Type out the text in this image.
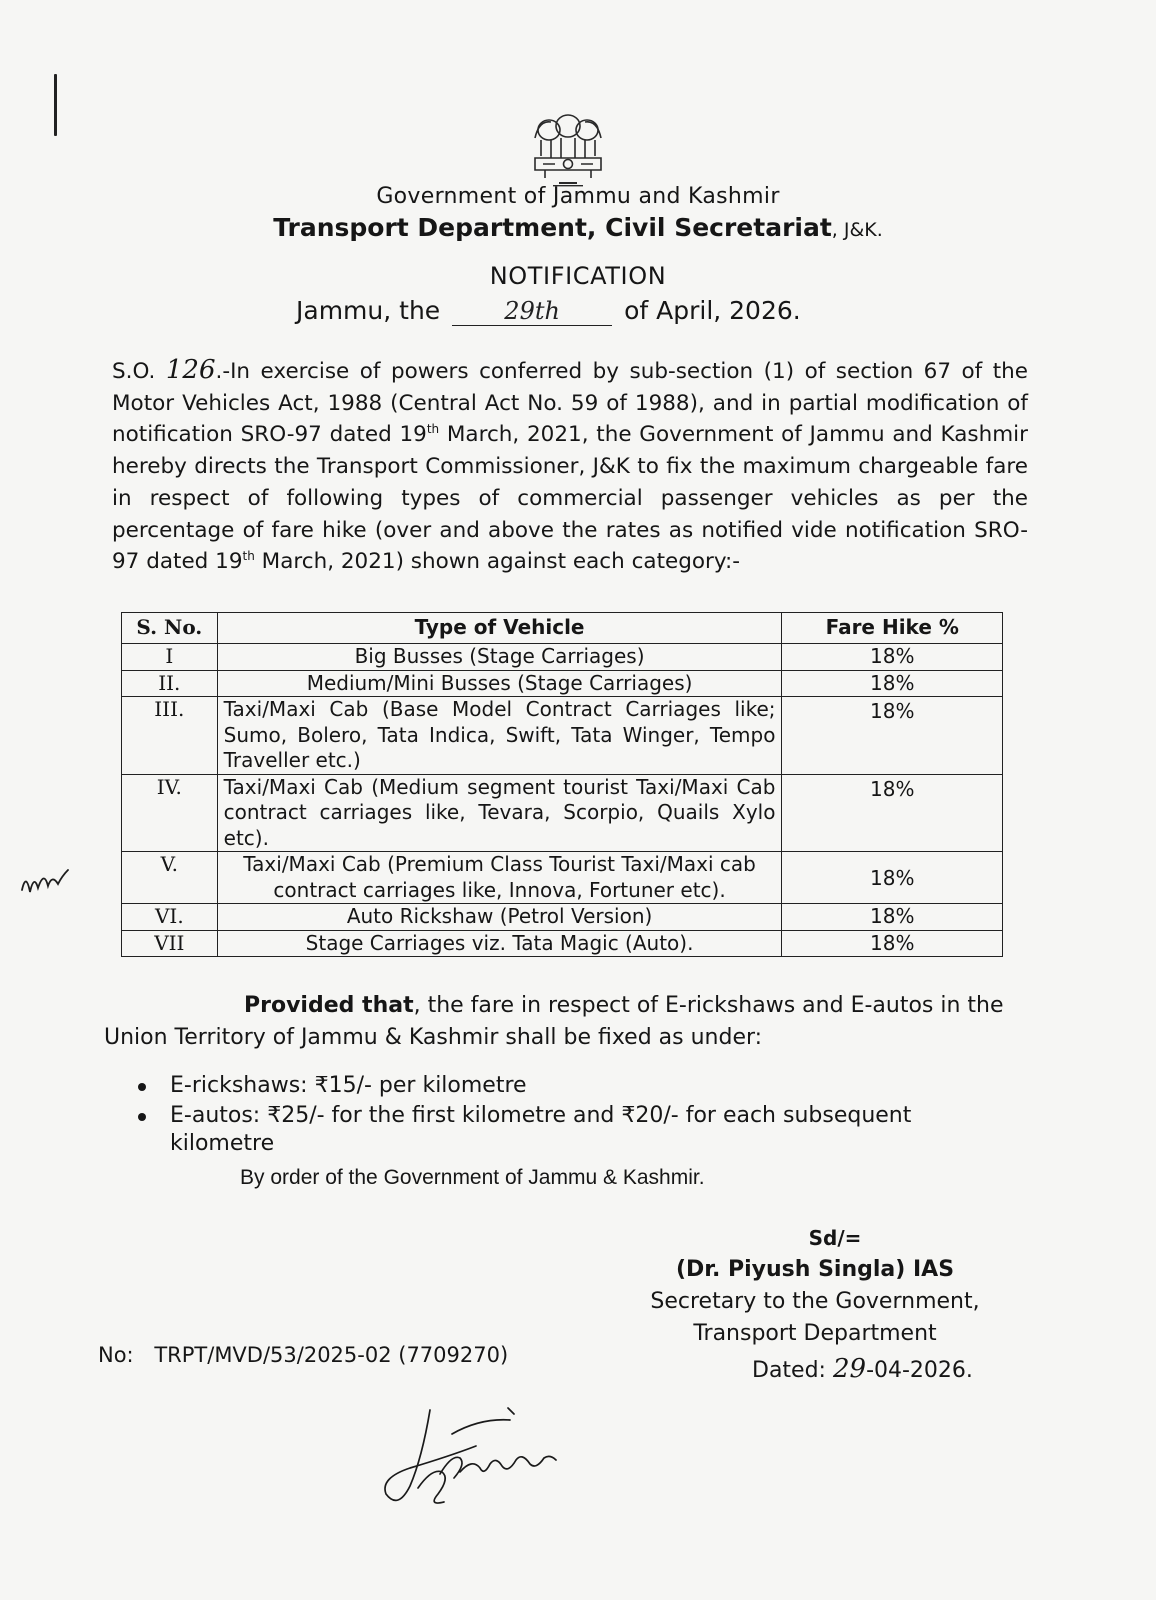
Government of Jammu and Kashmir
Transport Department, Civil Secretariat, J&K.
NOTIFICATION
Jammu, the	29th	of April, 2026.

S.O. 126.-In exercise of powers conferred by sub-section (1) of section 67 of the Motor Vehicles Act, 1988 (Central Act No. 59 of 1988), and in partial modification of notification SRO-97 dated 19th March, 2021, the Government of Jammu and Kashmir hereby directs the Transport Commissioner, J&K to fix the maximum chargeable fare in respect of following types of commercial passenger vehicles as per the percentage of fare hike (over and above the rates as notified vide notification SRO-97 dated 19th March, 2021) shown against each category:-

S. No.	Type of Vehicle	Fare Hike %
I	Big Busses (Stage Carriages)	18%
II.	Medium/Mini Busses (Stage Carriages)	18%
III.	Taxi/Maxi Cab (Base Model Contract Carriages like; Sumo, Bolero, Tata Indica, Swift, Tata Winger, Tempo Traveller etc.)	18%
IV.	Taxi/Maxi Cab (Medium segment tourist Taxi/Maxi Cab contract carriages like, Tevara, Scorpio, Quails Xylo etc).	18%
V.	Taxi/Maxi Cab (Premium Class Tourist Taxi/Maxi cab contract carriages like, Innova, Fortuner etc).	18%
VI.	Auto Rickshaw (Petrol Version)	18%
VII	Stage Carriages viz. Tata Magic (Auto).	18%
Provided that, the fare in respect of E-rickshaws and E-autos in the Union Territory of Jammu & Kashmir shall be fixed as under:
E-rickshaws: ₹15/- per kilometre
E-autos: ₹25/- for the first kilometre and ₹20/- for each subsequent kilometre
By order of the Government of Jammu & Kashmir.
Sd/=
(Dr. Piyush Singla) IAS
Secretary to the Government,
Transport Department
Dated: 29-04-2026.
No: TRPT/MVD/53/2025-02 (7709270)
